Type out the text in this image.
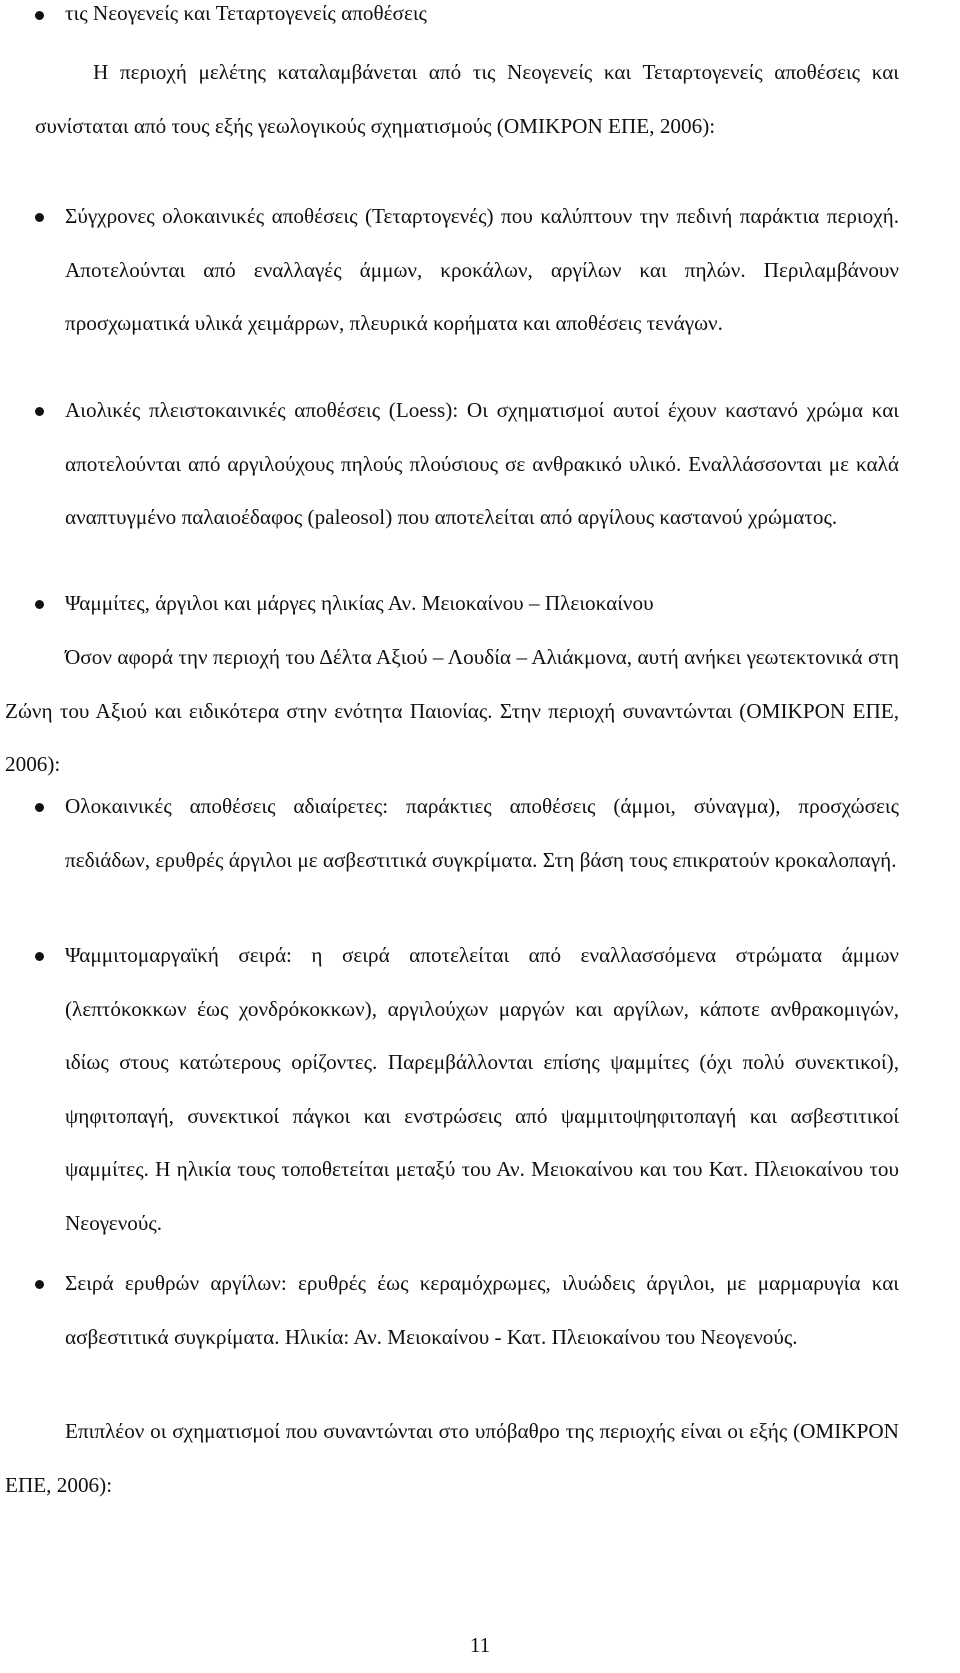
τις Νεογενείς και Τεταρτογενείς αποθέσεις

Η περιοχή μελέτης καταλαμβάνεται από τις Νεογενείς και Τεταρτογενείς αποθέσεις και συνίσταται από τους εξής γεωλογικούς σχηματισμούς (ΟΜΙΚΡΟΝ ΕΠΕ, 2006):

Σύγχρονες ολοκαινικές αποθέσεις (Τεταρτογενές) που καλύπτουν την πεδινή παράκτια περιοχή. Αποτελούνται από εναλλαγές άμμων, κροκάλων, αργίλων και πηλών. Περιλαμβάνουν προσχωματικά υλικά χειμάρρων, πλευρικά κορήματα και αποθέσεις τενάγων.

Αιολικές πλειστοκαινικές αποθέσεις (Loess): Οι σχηματισμοί αυτοί έχουν καστανό χρώμα και αποτελούνται από αργιλούχους πηλούς πλούσιους σε ανθρακικό υλικό. Εναλλάσσονται με καλά αναπτυγμένο παλαιοέδαφος (paleosol) που αποτελείται από αργίλους καστανού χρώματος.

Ψαμμίτες, άργιλοι και μάργες ηλικίας Αν. Μειοκαίνου – Πλειοκαίνου

Όσον αφορά την περιοχή του Δέλτα Αξιού – Λουδία – Αλιάκμονα, αυτή ανήκει γεωτεκτονικά στη Ζώνη του Αξιού και ειδικότερα στην ενότητα Παιονίας. Στην περιοχή συναντώνται (ΟΜΙΚΡΟΝ ΕΠΕ, 2006):

Ολοκαινικές αποθέσεις αδιαίρετες: παράκτιες αποθέσεις (άμμοι, σύναγμα), προσχώσεις πεδιάδων, ερυθρές άργιλοι με ασβεστιτικά συγκρίματα. Στη βάση τους επικρατούν κροκαλοπαγή.

Ψαμμιτομαργαϊκή σειρά: η σειρά αποτελείται από εναλλασσόμενα στρώματα άμμων (λεπτόκοκκων έως χονδρόκοκκων), αργιλούχων μαργών και αργίλων, κάποτε ανθρακομιγών, ιδίως στους κατώτερους ορίζοντες. Παρεμβάλλονται επίσης ψαμμίτες (όχι πολύ συνεκτικοί), ψηφιτοπαγή, συνεκτικοί πάγκοι και ενστρώσεις από ψαμμιτοψηφιτοπαγή και ασβεστιτικοί ψαμμίτες. Η ηλικία τους τοποθετείται μεταξύ του Αν. Μειοκαίνου και του Κατ. Πλειοκαίνου του Νεογενούς.

Σειρά ερυθρών αργίλων: ερυθρές έως κεραμόχρωμες, ιλυώδεις άργιλοι, με μαρμαρυγία και ασβεστιτικά συγκρίματα. Ηλικία: Αν. Μειοκαίνου - Κατ. Πλειοκαίνου του Νεογενούς.

Επιπλέον οι σχηματισμοί που συναντώνται στο υπόβαθρο της περιοχής είναι οι εξής (ΟΜΙΚΡΟΝ ΕΠΕ, 2006):

11
